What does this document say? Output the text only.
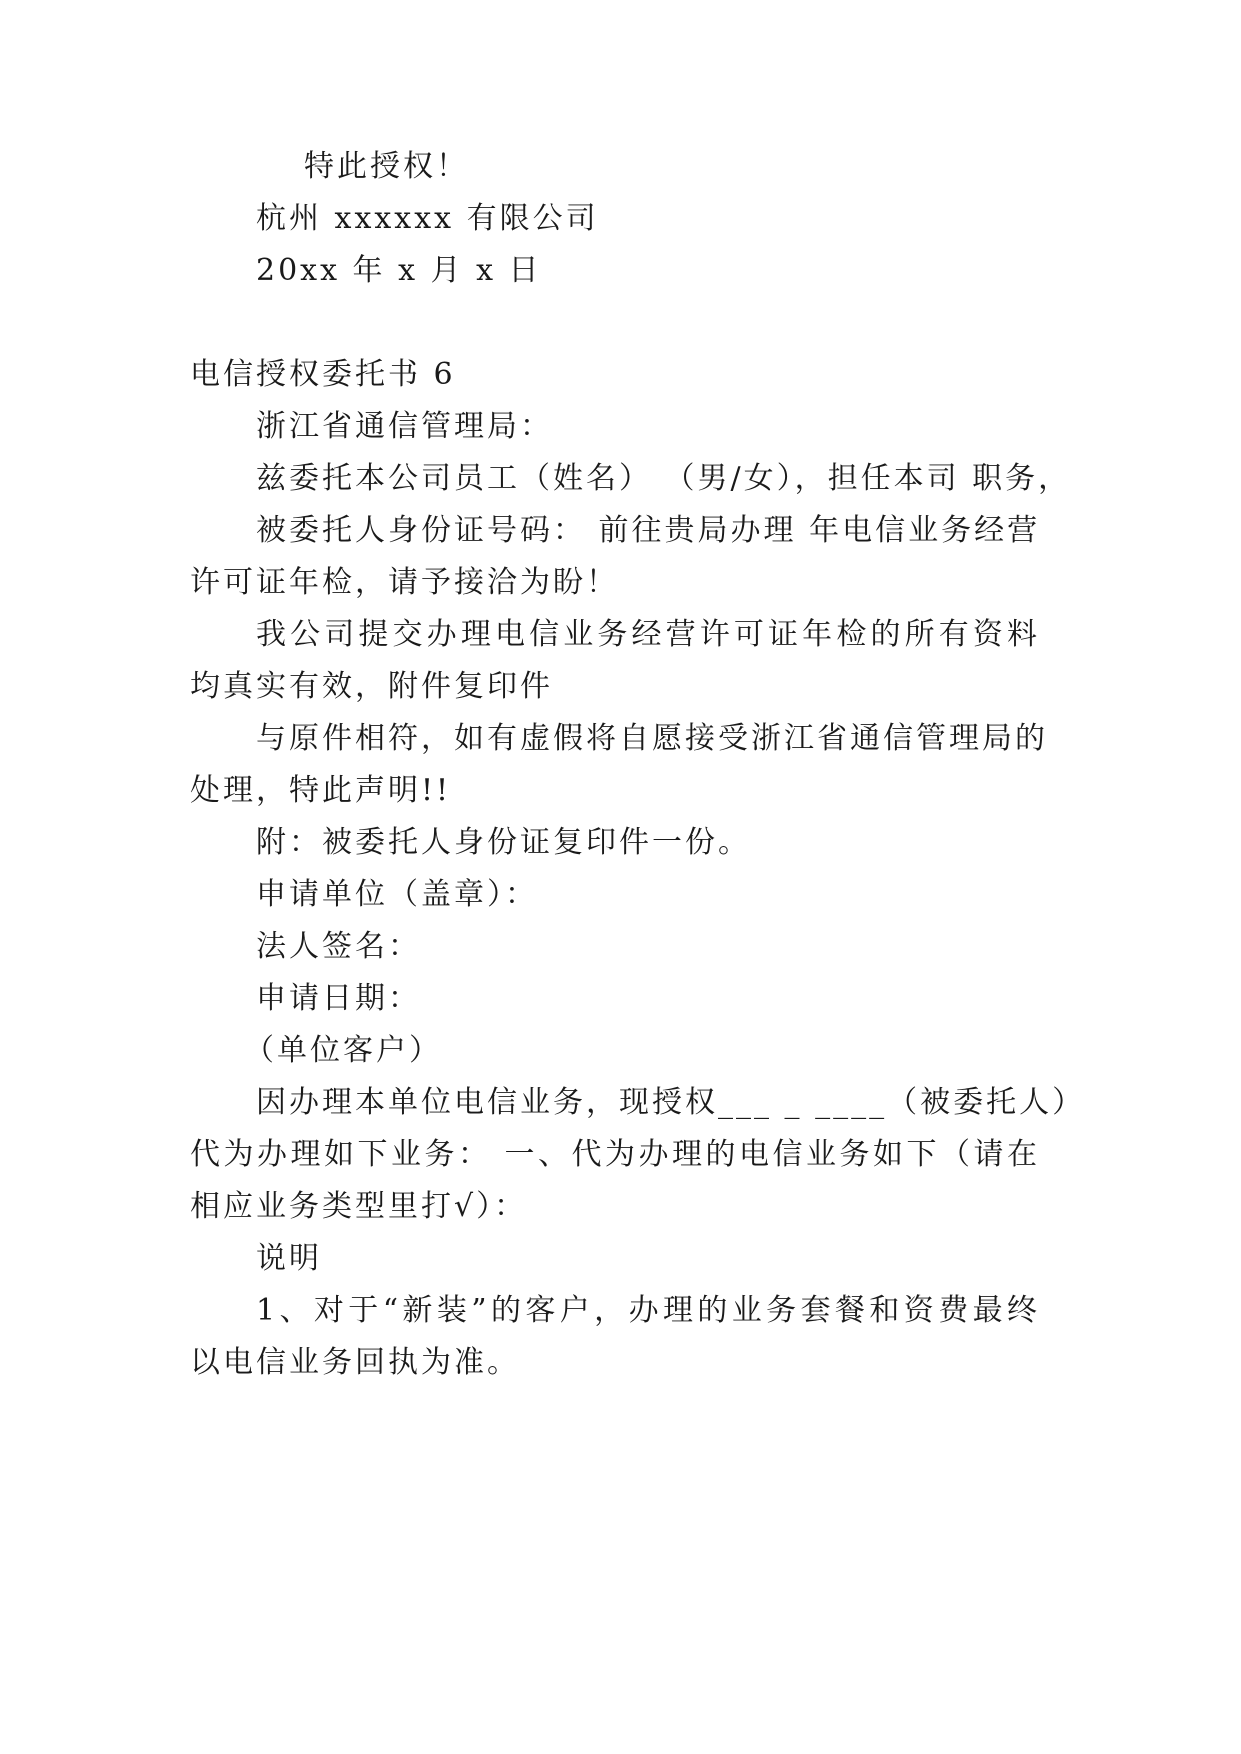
特此授权！
杭州 xxxxxx 有限公司
20xx 年 x 月 x 日
电信授权委托书 6
浙江省通信管理局：
兹委托本公司员工（姓名） （男/女），担任本司 职务，
被委托人身份证号码： 前往贵局办理 年电信业务经营
许可证年检，请予接洽为盼！
我公司提交办理电信业务经营许可证年检的所有资料
均真实有效，附件复印件
与原件相符，如有虚假将自愿接受浙江省通信管理局的
处理，特此声明!!
附：被委托人身份证复印件一份。
申请单位（盖章）：
法人签名：
申请日期：
（单位客户）
因办理本单位电信业务，现授权___ _ ____（被委托人）
代为办理如下业务： 一、代为办理的电信业务如下（请在
相应业务类型里打√）：
说明
1、对于“新装”的客户，办理的业务套餐和资费最终
以电信业务回执为准。
